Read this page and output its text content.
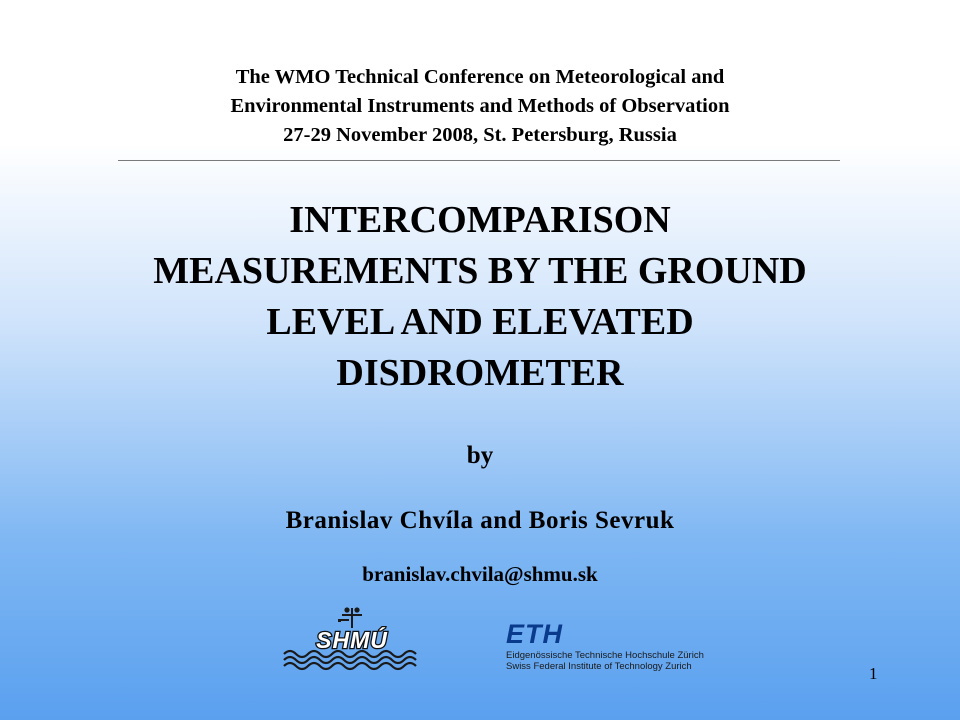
The WMO Technical Conference on Meteorological and
Environmental Instruments and Methods of Observation
27-29 November 2008, St. Petersburg, Russia
INTERCOMPARISON
MEASUREMENTS BY THE GROUND
LEVEL AND ELEVATED
DISDROMETER
by
Branislav Chvíla and Boris Sevruk
branislav.chvila@shmu.sk
SHMÚ	ETH
Eidgenössische Technische Hochschule Zürich
Swiss Federal Institute of Technology Zurich	1
